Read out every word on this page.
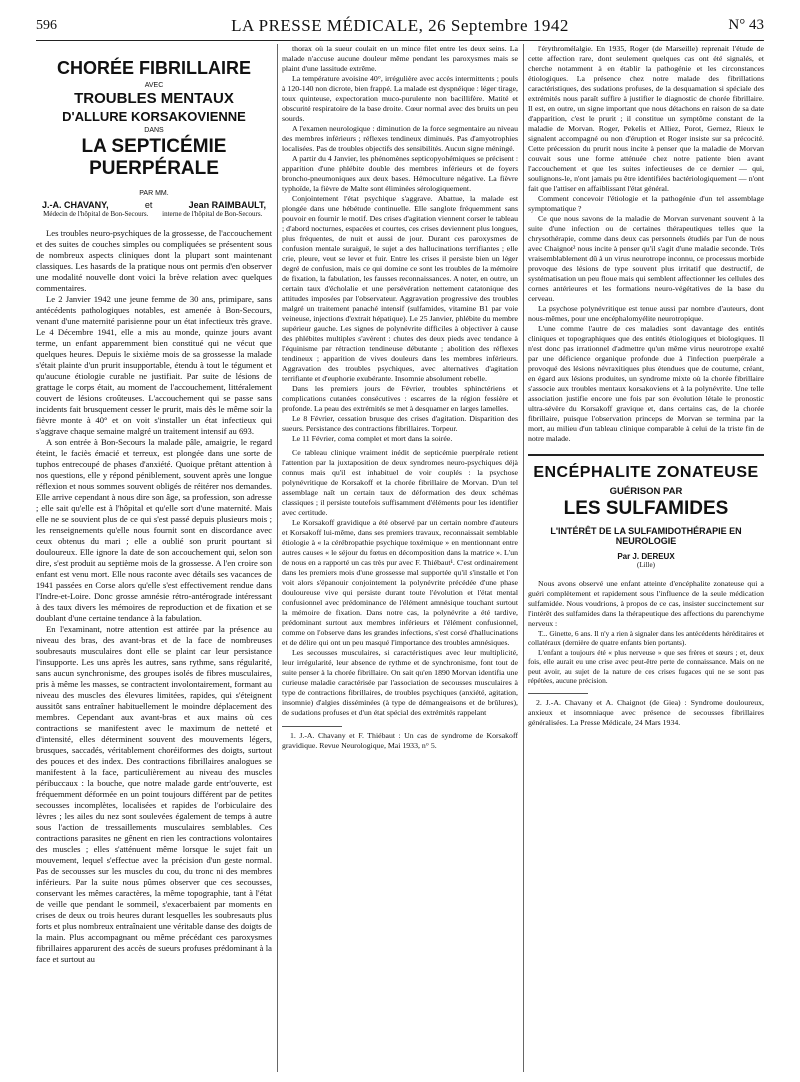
596	LA PRESSE MÉDICALE, 26 Septembre 1942	N° 43
CHORÉE FIBRILLAIRE
AVEC
TROUBLES MENTAUX
D'ALLURE KORSAKOVIENNE
DANS
LA SEPTICÉMIE PUERPÉRALE
PAR MM.
J.-A. CHAVANY,	et	Jean RAIMBAULT,
Médecin de l'hôpital de Bon-Secours.	interne de l'hôpital de Bon-Secours.

Les troubles neuro-psychiques de la grossesse, de l'accouchement et des suites de couches simples ou compliquées se présentent sous de nombreux aspects cliniques dont la plupart sont maintenant classiques. Les hasards de la pratique nous ont permis d'en observer une modalité nouvelle dont voici la brève relation avec quelques commentaires.

Le 2 Janvier 1942 une jeune femme de 30 ans, primipare, sans antécédents pathologiques notables, est amenée à Bon-Secours, venant d'une maternité parisienne pour un état infectieux très grave. Le 4 Décembre 1941, elle a mis au monde, quinze jours avant terme, un enfant apparemment bien constitué qui ne vécut que quelques heures. Depuis le sixième mois de sa grossesse la malade s'était plainte d'un prurit insupportable, étendu à tout le tégument et qu'aucune étiologie curable ne justifiait. Par suite de lésions de grattage le corps était, au moment de l'accouchement, littéralement couvert de lésions croûteuses. L'accouchement qui se passe sans incidents fait brusquement cesser le prurit, mais dès le même soir la fièvre monte à 40° et on voit s'installer un état infectieux qui s'aggrave chaque semaine malgré un traitement intensif au 693.

A son entrée à Bon-Secours la malade pâle, amaigrie, le regard éteint, le faciès émacié et terreux, est plongée dans une sorte de tuphos entrecoupé de phases d'anxiété. Quoique prêtant attention à nos questions, elle y répond péniblement, souvent après une longue réflexion et nous sommes souvent obligés de réitérer nos demandes. Elle arrive cependant à nous dire son âge, sa profession, son adresse ; elle sait qu'elle est à l'hôpital et qu'elle sort d'une maternité. Mais elle ne se souvient plus de ce qui s'est passé depuis plusieurs mois ; les renseignements qu'elle nous fournit sont en discordance avec ceux obtenus du mari ; elle a oublié son prurit pourtant si douloureux. Elle ignore la date de son accouchement qui, selon son dire, s'est produit au septième mois de la grossesse. A l'en croire son enfant est venu mort. Elle nous raconte avec détails ses vacances de 1941 passées en Corse alors qu'elle s'est effectivement rendue dans l'Indre-et-Loire. Donc grosse amnésie rétro-antérograde intéressant à des taux divers les mémoires de reproduction et de fixation et se doublant d'une certaine tendance à la fabulation.

En l'examinant, notre attention est attirée par la présence au niveau des bras, des avant-bras et de la face de nombreuses soubresauts musculaires dont elle se plaint car leur persistance l'insupporte. Les uns après les autres, sans rythme, sans régularité, sans aucun synchronisme, des groupes isolés de fibres musculaires, pris à même les masses, se contractent involontairement, formant au niveau des muscles des élevures limitées, rapides, qui s'éteignent aussitôt sans entraîner habituellement le moindre déplacement des membres. Cependant aux avant-bras et aux mains où ces contractions se manifestent avec le maximum de netteté et d'intensité, elles déterminent souvent des mouvements légers, brusques, saccadés, véritablement choréiformes des doigts, surtout des pouces et des index. Des contractions fibrillaires analogues se manifestent à la face, particulièrement au niveau des muscles péribuccaux : la bouche, que notre malade garde entr'ouverte, est fréquemment déformée en un point toujours différent par de petites secousses incomplètes, localisées et rapides de l'orbiculaire des lèvres ; les ailes du nez sont soulevées également de temps à autre sous l'action de tressaillements musculaires semblables. Ces contractions parasites ne gênent en rien les contractions volontaires des muscles ; elles s'atténuent même lorsque le sujet fait un mouvement, lequel s'effectue avec la précision d'un geste normal. Pas de secousses sur les muscles du cou, du tronc ni des membres inférieurs. Par la suite nous pûmes observer que ces secousses, conservant les mêmes caractères, la même topographie, tant à l'état de veille que pendant le sommeil, s'exacerbaient par moments en crises de deux ou trois heures durant lesquelles les soubresauts plus forts et plus nombreux entraînaient une véritable danse des doigts de la main. Plus accompagnant ou même précédant ces paroxysmes fibrillaires apparurent des accès de sueurs profuses prédominant à la face et surtout au

thorax où la sueur coulait en un mince filet entre les deux seins. La malade n'accuse aucune douleur même pendant les paroxysmes mais se plaint d'une lassitude extrême.

La température avoisine 40°, irrégulière avec accès intermittents ; pouls à 120-140 non dicrote, bien frappé. La malade est dyspnéique : léger tirage, toux quinteuse, expectoration muco-purulente non bacillifère. Matité et obscurité respiratoire de la base droite. Cœur normal avec des bruits un peu sourds.

A l'examen neurologique : diminution de la force segmentaire au niveau des membres inférieurs ; réflexes tendineux diminués. Pas d'amyotrophies localisées. Pas de troubles objectifs des sensibilités. Aucun signe méningé.

A partir du 4 Janvier, les phénomènes septicopyohémiques se précisent : apparition d'une phlébite double des membres inférieurs et de foyers broncho-pneumoniques aux deux bases. Hémoculture négative. La fièvre typhoïde, la fièvre de Malte sont éliminées sérologiquement.

Conjointement l'état psychique s'aggrave. Abattue, la malade est plongée dans une hébétude continuelle. Elle sanglote fréquemment sans pouvoir en fournir le motif. Des crises d'agitation viennent corser le tableau ; d'abord nocturnes, espacées et courtes, ces crises deviennent plus longues, plus fréquentes, de nuit et aussi de jour. Durant ces paroxysmes de confusion mentale suraiguë, le sujet a des hallucinations terrifiantes ; elle crie, pleure, veut se lever et fuir. Entre les crises il persiste bien un léger degré de confusion, mais ce qui domine ce sont les troubles de la mémoire de fixation, la fabulation, les fausses reconnaissances. A noter, en outre, un certain taux d'écholalie et une persévération nettement catatonique des attitudes imposées par l'observateur. Aggravation progressive des troubles malgré un traitement panaché intensif (sulfamides, vitamine B1 par voie veineuse, injections d'extrait hépatique). Le 25 Janvier, phlébite du membre supérieur gauche. Les signes de polynévrite difficiles à objectiver à cause des phlébites multiples s'avèrent : chutes des deux pieds avec tendance à l'équinisme par rétraction tendineuse débutante ; abolition des réflexes tendineux ; apparition de vives douleurs dans les membres inférieurs. Aggravation des troubles psychiques, avec alternatives d'agitation terrifiante et d'euphorie exubérante. Insomnie absolument rebelle.

Dans les premiers jours de Février, troubles sphinctériens et complications cutanées consécutives : escarres de la région fessière et profonde. La peau des extrémités se met à desquamer en larges lamelles.

Le 8 Février, cessation brusque des crises d'agitation. Disparition des sueurs. Persistance des contractions fibrillaires. Torpeur.

Le 11 Février, coma complet et mort dans la soirée.

Ce tableau clinique vraiment inédit de septicémie puerpérale retient l'attention par la juxtaposition de deux syndromes neuro-psychiques déjà connus mais qu'il est inhabituel de voir couplés : la psychose polynévritique de Korsakoff et la chorée fibrillaire de Morvan. D'un tel assemblage naît un certain taux de déformation des deux schémas classiques ; il persiste toutefois suffisamment d'éléments pour les identifier avec certitude.

Le Korsakoff gravidique a été observé par un certain nombre d'auteurs et Korsakoff lui-même, dans ses premiers travaux, reconnaissait semblable étiologie à « la cérébropathie psychique toxémique » en mentionnant entre autres causes « le séjour du fœtus en décomposition dans la matrice ». L'un de nous en a rapporté un cas très pur avec F. Thiébaut¹. C'est ordinairement dans les premiers mois d'une grossesse mal supportée qu'il s'installe et l'on voit alors s'épanouir conjointement la polynévrite précédée d'une phase douloureuse vive qui persiste durant toute l'évolution et l'état mental confusionnel avec prédominance de l'élément amnésique touchant surtout la mémoire de fixation. Dans notre cas, la polynévrite a été tardive, prédominant surtout aux membres inférieurs et l'élément confusionnel, comme on l'observe dans les grandes infections, s'est corsé d'hallucinations et de délire qui ont un peu masqué l'importance des troubles amnésiques.

Les secousses musculaires, si caractéristiques avec leur multiplicité, leur irrégularité, leur absence de rythme et de synchronisme, font tout de suite penser à la chorée fibrillaire. On sait qu'en 1890 Morvan identifia une curieuse maladie caractérisée par l'association de secousses musculaires à type de contractions fibrillaires, de troubles psychiques (anxiété, agitation, insomnie) d'algies disséminées (à type de démangeaisons et de brûlures), de sudations profuses et d'un état spécial des extrémités rappelant

1. J.-A. Chavany et F. Thiébaut : Un cas de syndrome de Korsakoff gravidique. Revue Neurologique, Mai 1933, n° 5.

l'érythromélalgie. En 1935, Roger (de Marseille) reprenait l'étude de cette affection rare, dont seulement quelques cas ont été signalés, et cherche notamment à en établir la pathogénie et les circonstances étiologiques. La présence chez notre malade des fibrillations caractéristiques, des sudations profuses, de la desquamation si spéciale des extrémités nous paraît suffire à justifier le diagnostic de chorée fibrillaire. Il est, en outre, un signe important que nous détachons en raison de sa date d'apparition, c'est le prurit ; il constitue un symptôme constant de la maladie de Morvan. Roger, Pekelis et Alliez, Porot, Gernez, Rieux le signalent accompagné ou non d'éruption et Roger insiste sur sa précocité. Cette précession du prurit nous incite à penser que la maladie de Morvan couvait sous une forme atténuée chez notre patiente bien avant l'accouchement et que les suites infectieuses de ce dernier — qui, soulignons-le, n'ont jamais pu être identifiées bactériologiquement — n'ont fait que l'attiser en affaiblissant l'état général.

Comment concevoir l'étiologie et la pathogénie d'un tel assemblage symptomatique ?

Ce que nous savons de la maladie de Morvan survenant souvent à la suite d'une infection ou de certaines thérapeutiques telles que la chrysothérapie, comme dans deux cas personnels étudiés par l'un de nous avec Chaignot² nous incite à penser qu'il s'agit d'une maladie seconde. Très vraisemblablement dû à un virus neurotrope inconnu, ce processus morbide provoque des lésions de type souvent plus irritatif que destructif, de systématisation un peu floue mais qui semblent affectionner les cellules des cornes antérieures et les formations neuro-végétatives de la base du cerveau.

La psychose polynévritique est tenue aussi par nombre d'auteurs, dont nous-mêmes, pour une encéphalomyélite neurotropique.

L'une comme l'autre de ces maladies sont davantage des entités cliniques et topographiques que des entités étiologiques et biologiques. Il n'est donc pas irrationnel d'admettre qu'un même virus neurotrope exalté par une déficience organique profonde due à l'infection puerpérale a provoqué des lésions névraxitiques plus étendues que de coutume, créant, en égard aux lésions produites, un syndrome mixte où la chorée fibrillaire s'associe aux troubles mentaux korsakoviens et à la polynévrite. Une telle association justifie encore une fois par son évolution létale le pronostic ultra-sévère du Korsakoff gravique et, dans certains cas, de la chorée fibrillaire, puisque l'observation princeps de Morvan se termina par la mort, au milieu d'un tableau clinique comparable à celui de la triste fin de notre malade.

ENCÉPHALITE ZONATEUSE
GUÉRISON PAR
LES SULFAMIDES
L'INTÉRÊT DE LA SULFAMIDOTHÉRAPIE EN NEUROLOGIE
Par J. DEREUX
(Lille)

Nous avons observé une enfant atteinte d'encéphalite zonateuse qui a guéri complètement et rapidement sous l'influence de la seule médication sulfamidée. Nous voudrions, à propos de ce cas, insister succinctement sur l'intérêt des sulfamides dans la thérapeutique des affections du parenchyme nerveux :

T... Ginette, 6 ans. Il n'y a rien à signaler dans les antécédents héréditaires et collatéraux (dernière de quatre enfants bien portants).

L'enfant a toujours été « plus nerveuse » que ses frères et sœurs ; et, deux fois, elle aurait eu une crise avec peut-être perte de connaissance. Mais on ne peut avoir, au sujet de la nature de ces crises fugaces qui ne se sont pas répétées, aucune précision.

2. J.-A. Chavany et A. Chaignot (de Giea) : Syndrome douloureux, anxieux et insomniaque avec présence de secousses fibrillaires généralisées. La Presse Médicale, 24 Mars 1934.
